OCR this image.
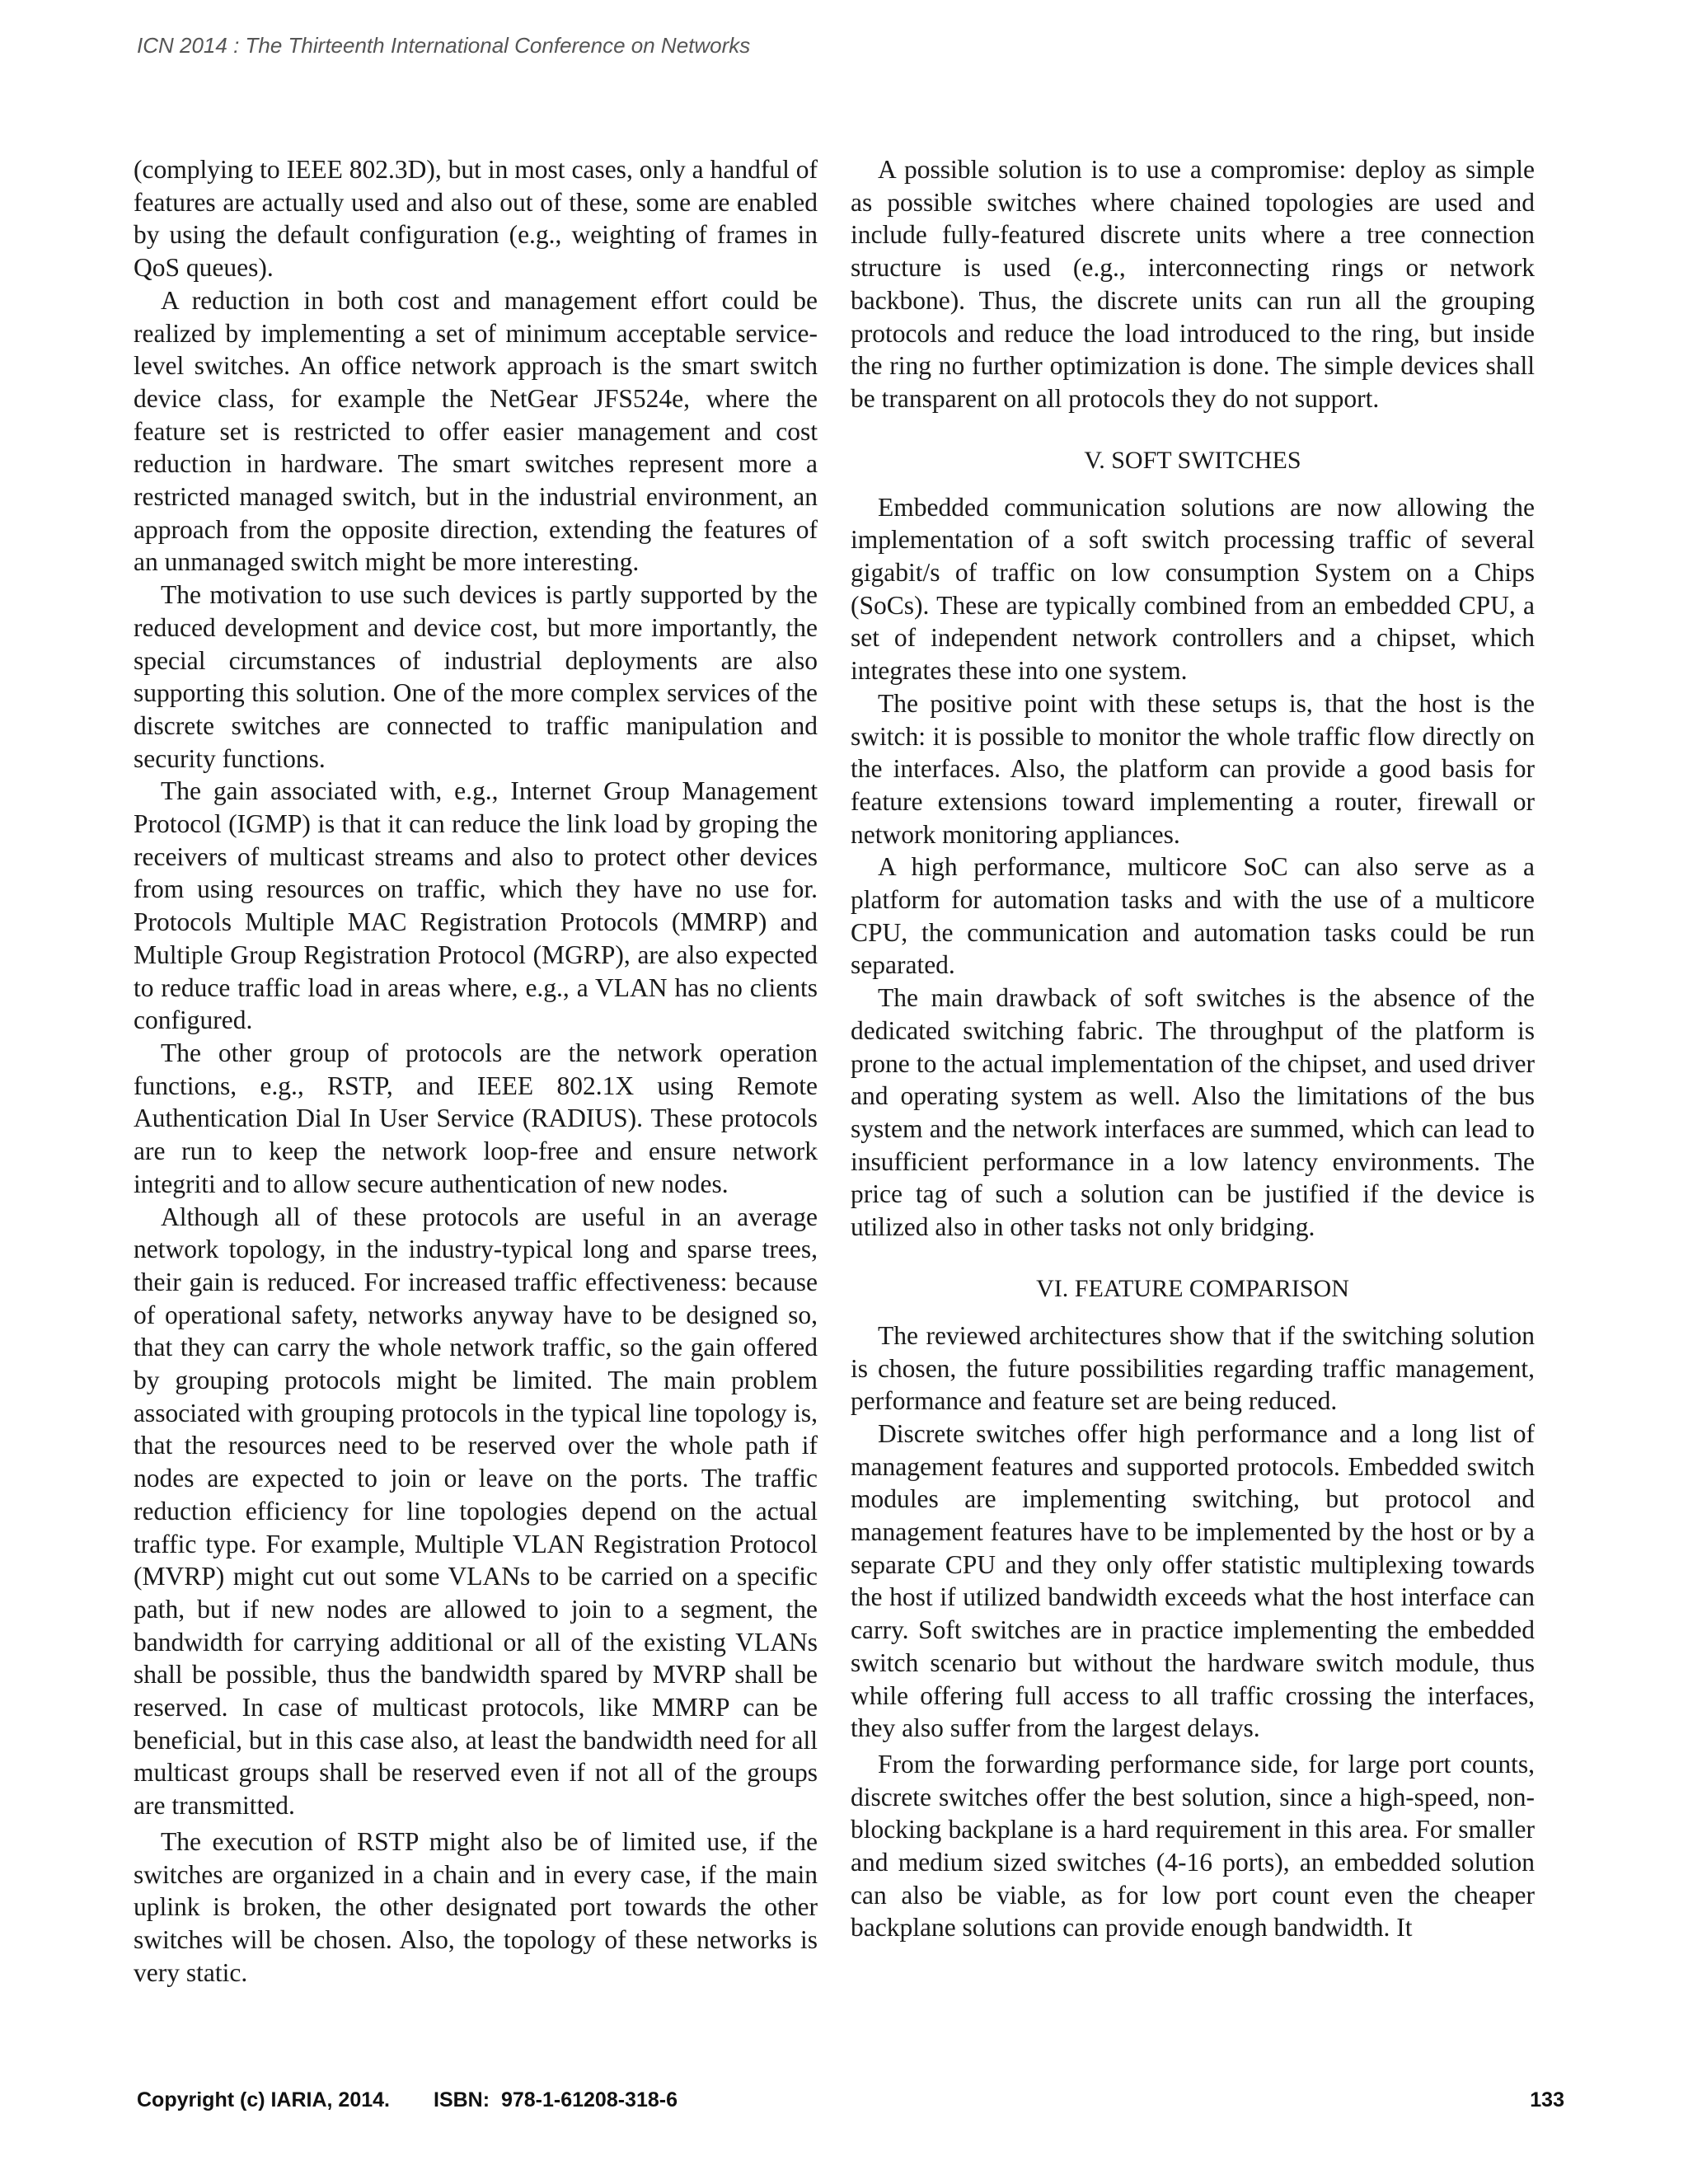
ICN 2014 : The Thirteenth International Conference on Networks

(complying to IEEE 802.3D), but in most cases, only a handful of features are actually used and also out of these, some are enabled by using the default configuration (e.g., weighting of frames in QoS queues).

A reduction in both cost and management effort could be realized by implementing a set of minimum acceptable service-level switches. An office network approach is the smart switch device class, for example the NetGear JFS524e, where the feature set is restricted to offer easier management and cost reduction in hardware. The smart switches represent more a restricted managed switch, but in the industrial environment, an approach from the opposite direction, extending the features of an unmanaged switch might be more interesting.

The motivation to use such devices is partly supported by the reduced development and device cost, but more importantly, the special circumstances of industrial deployments are also supporting this solution. One of the more complex services of the discrete switches are connected to traffic manipulation and security functions.

The gain associated with, e.g., Internet Group Management Protocol (IGMP) is that it can reduce the link load by groping the receivers of multicast streams and also to protect other devices from using resources on traffic, which they have no use for. Protocols Multiple MAC Registration Protocols (MMRP) and Multiple Group Registration Protocol (MGRP), are also expected to reduce traffic load in areas where, e.g., a VLAN has no clients configured.

The other group of protocols are the network operation functions, e.g., RSTP, and IEEE 802.1X using Remote Authentication Dial In User Service (RADIUS). These protocols are run to keep the network loop-free and ensure network integriti and to allow secure authentication of new nodes.

Although all of these protocols are useful in an average network topology, in the industry-typical long and sparse trees, their gain is reduced. For increased traffic effectiveness: because of operational safety, networks anyway have to be designed so, that they can carry the whole network traffic, so the gain offered by grouping protocols might be limited. The main problem associated with grouping protocols in the typical line topology is, that the resources need to be reserved over the whole path if nodes are expected to join or leave on the ports. The traffic reduction efficiency for line topologies depend on the actual traffic type. For example, Multiple VLAN Registration Protocol (MVRP) might cut out some VLANs to be carried on a specific path, but if new nodes are allowed to join to a segment, the bandwidth for carrying additional or all of the existing VLANs shall be possible, thus the bandwidth spared by MVRP shall be reserved. In case of multicast protocols, like MMRP can be beneficial, but in this case also, at least the bandwidth need for all multicast groups shall be reserved even if not all of the groups are transmitted.

The execution of RSTP might also be of limited use, if the switches are organized in a chain and in every case, if the main uplink is broken, the other designated port towards the other switches will be chosen. Also, the topology of these networks is very static.

A possible solution is to use a compromise: deploy as simple as possible switches where chained topologies are used and include fully-featured discrete units where a tree connection structure is used (e.g., interconnecting rings or network backbone). Thus, the discrete units can run all the grouping protocols and reduce the load introduced to the ring, but inside the ring no further optimization is done. The simple devices shall be transparent on all protocols they do not support.

V. SOFT SWITCHES

Embedded communication solutions are now allowing the implementation of a soft switch processing traffic of several gigabit/s of traffic on low consumption System on a Chips (SoCs). These are typically combined from an embedded CPU, a set of independent network controllers and a chipset, which integrates these into one system.

The positive point with these setups is, that the host is the switch: it is possible to monitor the whole traffic flow directly on the interfaces. Also, the platform can provide a good basis for feature extensions toward implementing a router, firewall or network monitoring appliances.

A high performance, multicore SoC can also serve as a platform for automation tasks and with the use of a multicore CPU, the communication and automation tasks could be run separated.

The main drawback of soft switches is the absence of the dedicated switching fabric. The throughput of the platform is prone to the actual implementation of the chipset, and used driver and operating system as well. Also the limitations of the bus system and the network interfaces are summed, which can lead to insufficient performance in a low latency environments. The price tag of such a solution can be justified if the device is utilized also in other tasks not only bridging.

VI. FEATURE COMPARISON

The reviewed architectures show that if the switching solution is chosen, the future possibilities regarding traffic management, performance and feature set are being reduced.

Discrete switches offer high performance and a long list of management features and supported protocols. Embedded switch modules are implementing switching, but protocol and management features have to be implemented by the host or by a separate CPU and they only offer statistic multiplexing towards the host if utilized bandwidth exceeds what the host interface can carry. Soft switches are in practice implementing the embedded switch scenario but without the hardware switch module, thus while offering full access to all traffic crossing the interfaces, they also suffer from the largest delays.

From the forwarding performance side, for large port counts, discrete switches offer the best solution, since a high-speed, non-blocking backplane is a hard requirement in this area. For smaller and medium sized switches (4-16 ports), an embedded solution can also be viable, as for low port count even the cheaper backplane solutions can provide enough bandwidth. It

Copyright (c) IARIA, 2014. ISBN:  978-1-61208-318-6	133
